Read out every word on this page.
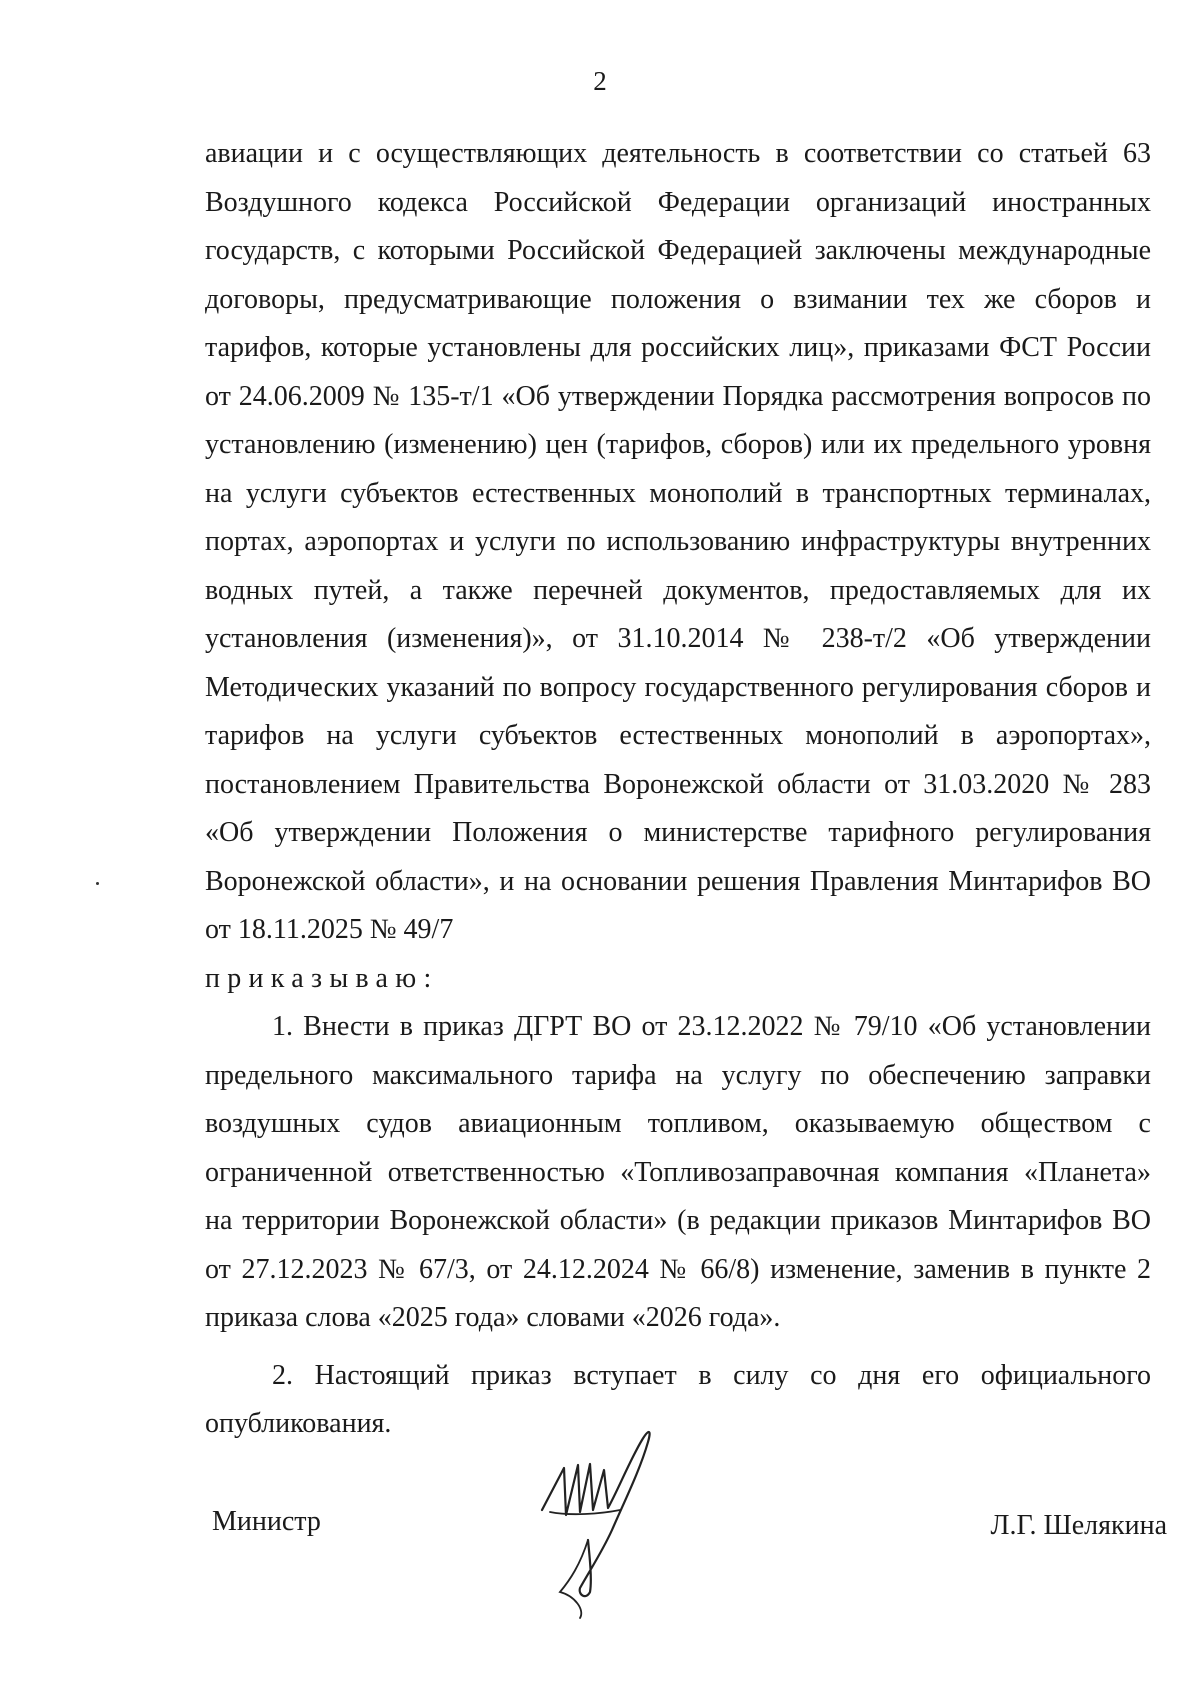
2

авиации и с осуществляющих деятельность в соответствии со статьей 63 Воздушного кодекса Российской Федерации организаций иностранных государств, с которыми Российской Федерацией заключены международные договоры, предусматривающие положения о взимании тех же сборов и тарифов, которые установлены для российских лиц», приказами ФСТ России от 24.06.2009 № 135-т/1 «Об утверждении Порядка рассмотрения вопросов по установлению (изменению) цен (тарифов, сборов) или их предельного уровня на услуги субъектов естественных монополий в транспортных терминалах, портах, аэропортах и услуги по использованию инфраструктуры внутренних водных путей, а также перечней документов, предоставляемых для их установления (изменения)», от 31.10.2014 № 238-т/2 «Об утверждении Методических указаний по вопросу государственного регулирования сборов и тарифов на услуги субъектов естественных монополий в аэропортах», постановлением Правительства Воронежской области от 31.03.2020 № 283 «Об утверждении Положения о министерстве тарифного регулирования Воронежской области», и на основании решения Правления Минтарифов ВО от 18.11.2025 № 49/7

приказываю:

1. Внести в приказ ДГРТ ВО от 23.12.2022 № 79/10 «Об установлении предельного максимального тарифа на услугу по обеспечению заправки воздушных судов авиационным топливом, оказываемую обществом с ограниченной ответственностью «Топливозаправочная компания «Планета» на территории Воронежской области» (в редакции приказов Минтарифов ВО от 27.12.2023 № 67/3, от 24.12.2024 № 66/8) изменение, заменив в пункте 2 приказа слова «2025 года» словами «2026 года».

2. Настоящий приказ вступает в силу со дня его официального опубликования.

Министр	Л.Г. Шелякина
